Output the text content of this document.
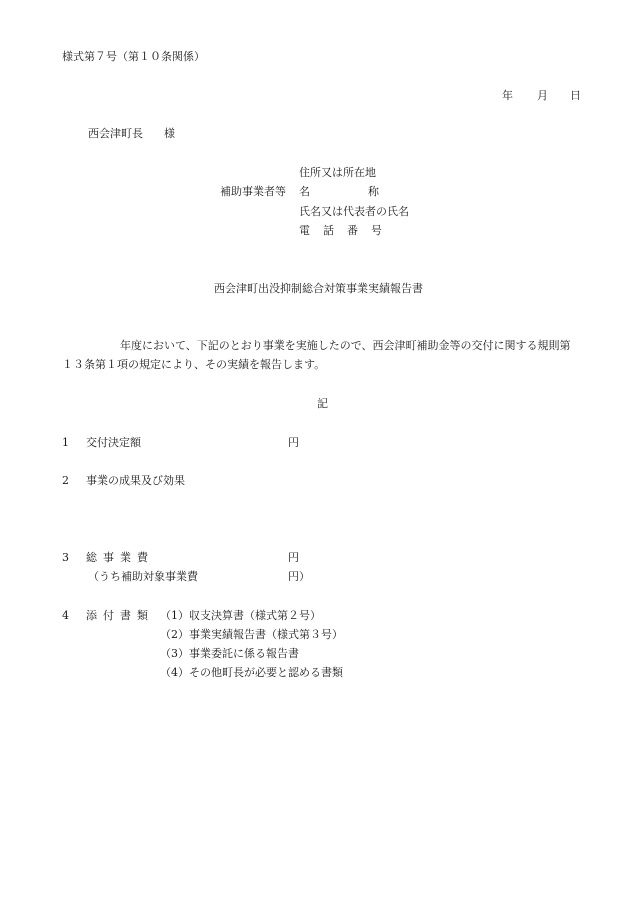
様式第７号（第１０条関係）
年 月 日
西会津町長 様
住所又は所在地
補助事業者等 名	称
氏名又は代表者の氏名
電 話 番 号
西会津町出没抑制総合対策事業実績報告書
年度において、下記のとおり事業を実施したので、西会津町補助金等の交付に関する規則第
１３条第１項の規定により、その実績を報告します。
記
1 交付決定額	円
2 事業の成果及び効果
3 総 事 業 費	円
（うち補助対象事業費	円）
4 添 付 書 類 （1）収支決算書（様式第２号）
（2）事業実績報告書（様式第３号）
（3）事業委託に係る報告書
（4）その他町長が必要と認める書類
